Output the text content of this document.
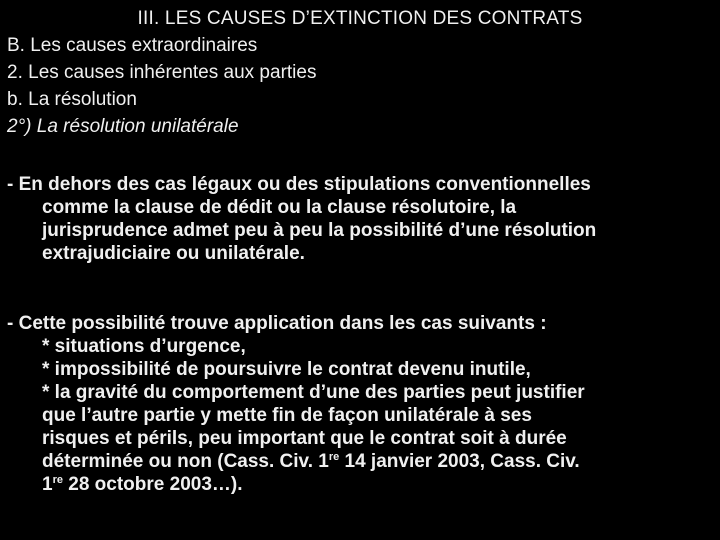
III. LES CAUSES D’EXTINCTION DES CONTRATS
B. Les causes extraordinaires
2. Les causes inhérentes aux parties
b. La résolution
2°) La résolution unilatérale
- En dehors des cas légaux ou des stipulations conventionnelles
comme la clause de dédit ou la clause résolutoire, la
jurisprudence admet peu à peu la possibilité d’une résolution
extrajudiciaire ou unilatérale.
- Cette possibilité trouve application dans les cas suivants :
* situations d’urgence,
* impossibilité de poursuivre le contrat devenu inutile,
* la gravité du comportement d’une des parties peut justifier
que l’autre partie y mette fin de façon unilatérale à ses
risques et périls, peu important que le contrat soit à durée
déterminée ou non (Cass. Civ. 1re 14 janvier 2003, Cass. Civ.
1re 28 octobre 2003…).
